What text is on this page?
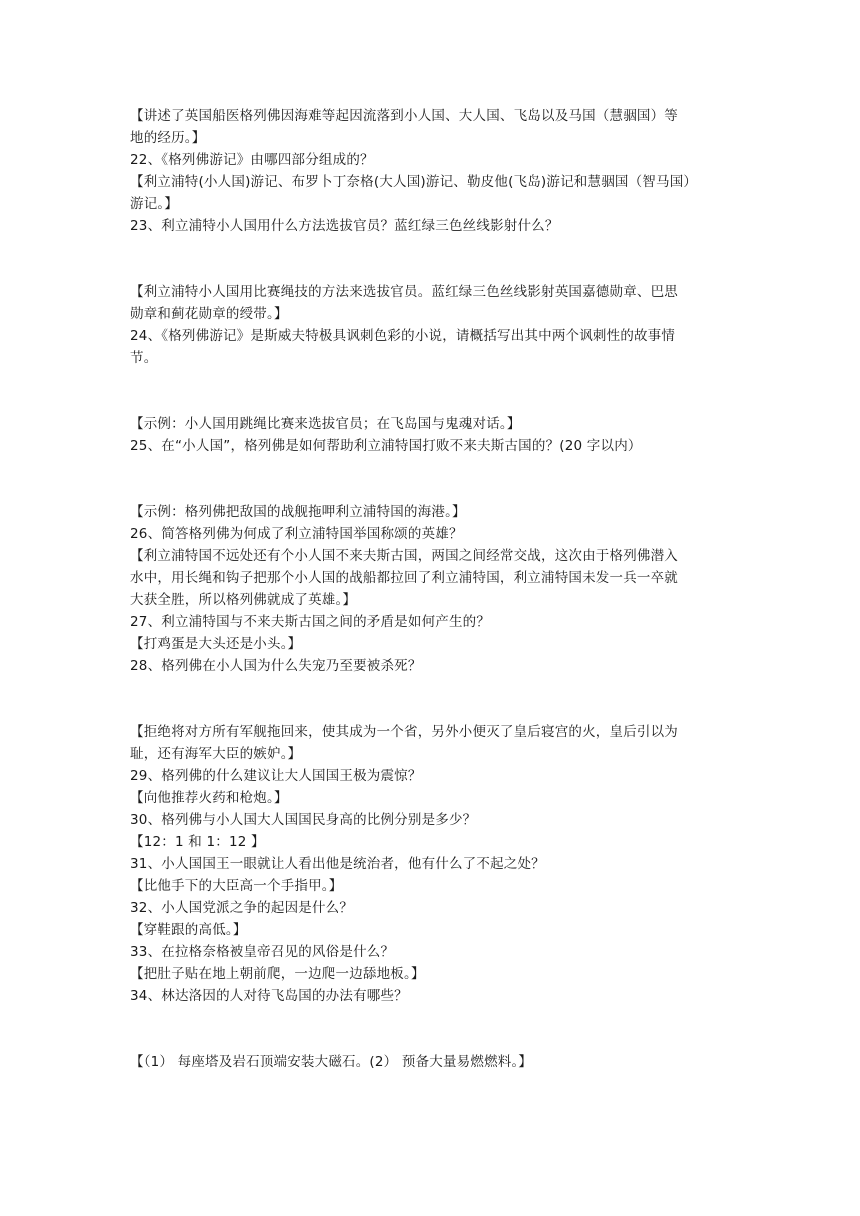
【讲述了英国船医格列佛因海难等起因流落到小人国、大人国、飞岛以及马国（慧骃国）等
地的经历。】
22、《格列佛游记》由哪四部分组成的？
【利立浦特(小人国)游记、布罗卜丁奈格(大人国)游记、勒皮他(飞岛)游记和慧骃国（智马国）
游记。】
23、利立浦特小人国用什么方法选拔官员？蓝红绿三色丝线影射什么？
【利立浦特小人国用比赛绳技的方法来选拔官员。蓝红绿三色丝线影射英国嘉德勋章、巴思
勋章和蓟花勋章的绶带。】
24、《格列佛游记》是斯威夫特极具讽刺色彩的小说，请概括写出其中两个讽刺性的故事情
节。
【示例：小人国用跳绳比赛来选拔官员；在飞岛国与鬼魂对话。】
25、在“小人国”，格列佛是如何帮助利立浦特国打败不来夫斯古国的？(20 字以内）
【示例：格列佛把敌国的战舰拖呷利立浦特国的海港。】
26、简答格列佛为何成了利立浦特国举国称颂的英雄？
【利立浦特国不远处还有个小人国不来夫斯古国，两国之间经常交战，这次由于格列佛潜入
水中，用长绳和钩子把那个小人国的战船都拉回了利立浦特国，利立浦特国未发一兵一卒就
大获全胜，所以格列佛就成了英雄。】
27、利立浦特国与不来夫斯古国之间的矛盾是如何产生的？
【打鸡蛋是大头还是小头。】
28、格列佛在小人国为什么失宠乃至要被杀死？
【拒绝将对方所有军舰拖回来，使其成为一个省，另外小便灭了皇后寝宫的火，皇后引以为
耻，还有海军大臣的嫉妒。】
29、格列佛的什么建议让大人国国王极为震惊？
【向他推荐火药和枪炮。】
30、格列佛与小人国大人国国民身高的比例分别是多少？
【12：1 和 1：12 】
31、小人国国王一眼就让人看出他是统治者，他有什么了不起之处？
【比他手下的大臣高一个手指甲。】
32、小人国党派之争的起因是什么？
【穿鞋跟的高低。】
33、在拉格奈格被皇帝召见的风俗是什么？
【把肚子贴在地上朝前爬，一边爬一边舔地板。】
34、林达洛因的人对待飞岛国的办法有哪些？
【（1） 每座塔及岩石顶端安装大磁石。(2） 预备大量易燃燃料。】
